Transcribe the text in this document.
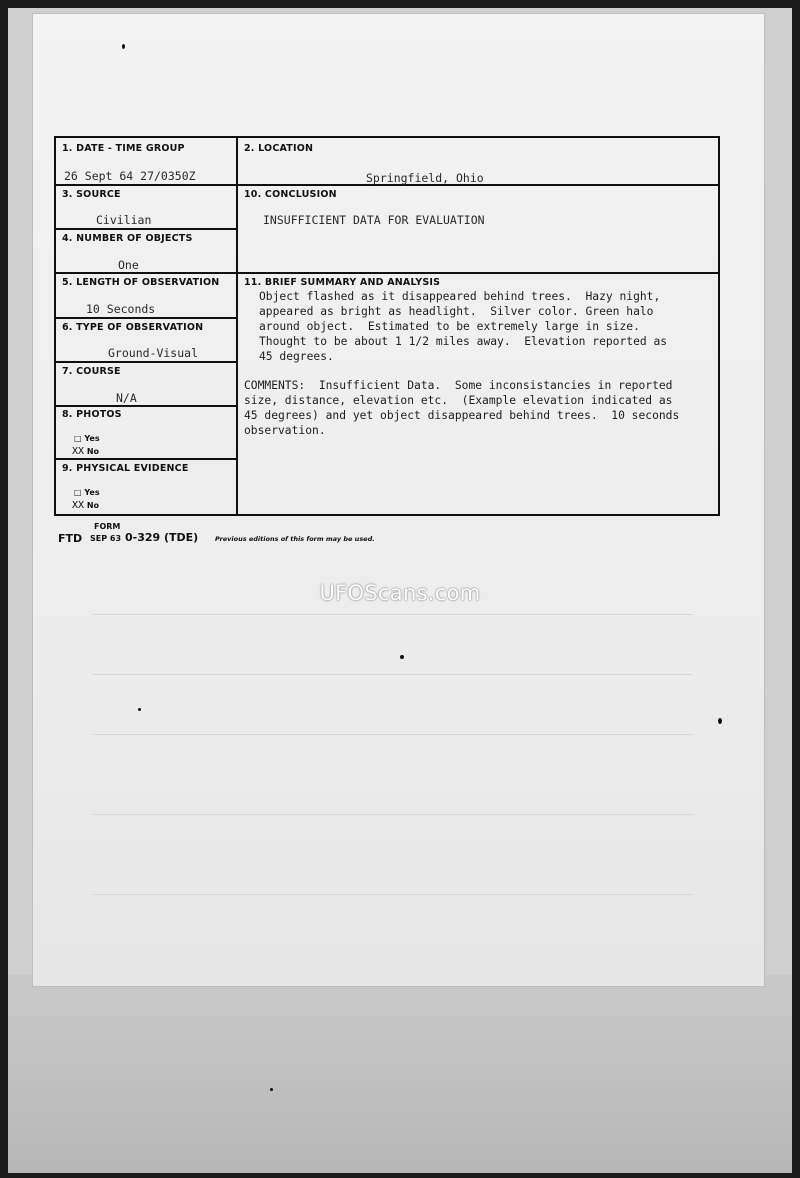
1. DATE - TIME GROUP
26 Sept 64 27/0350Z
2. LOCATION
Springfield, Ohio
3. SOURCE
Civilian
10. CONCLUSION
INSUFFICIENT DATA FOR EVALUATION
4. NUMBER OF OBJECTS
One
5. LENGTH OF OBSERVATION
10 Seconds
11. BRIEF SUMMARY AND ANALYSIS
Object flashed as it disappeared behind trees.  Hazy night,
appeared as bright as headlight.  Silver color. Green halo
around object.  Estimated to be extremely large in size.
Thought to be about 1 1/2 miles away.  Elevation reported as
45 degrees.
COMMENTS:  Insufficient Data.  Some inconsistancies in reported
size, distance, elevation etc.  (Example elevation indicated as
45 degrees) and yet object disappeared behind trees.  10 seconds
observation.
6. TYPE OF OBSERVATION
Ground-Visual
7. COURSE
N/A
8. PHOTOS
□ Yes
XX No
9. PHYSICAL EVIDENCE
□ Yes
XX No
FORM
FTD SEP 63 0-329 (TDE)	Previous editions of this form may be used.
UFOScans.com
